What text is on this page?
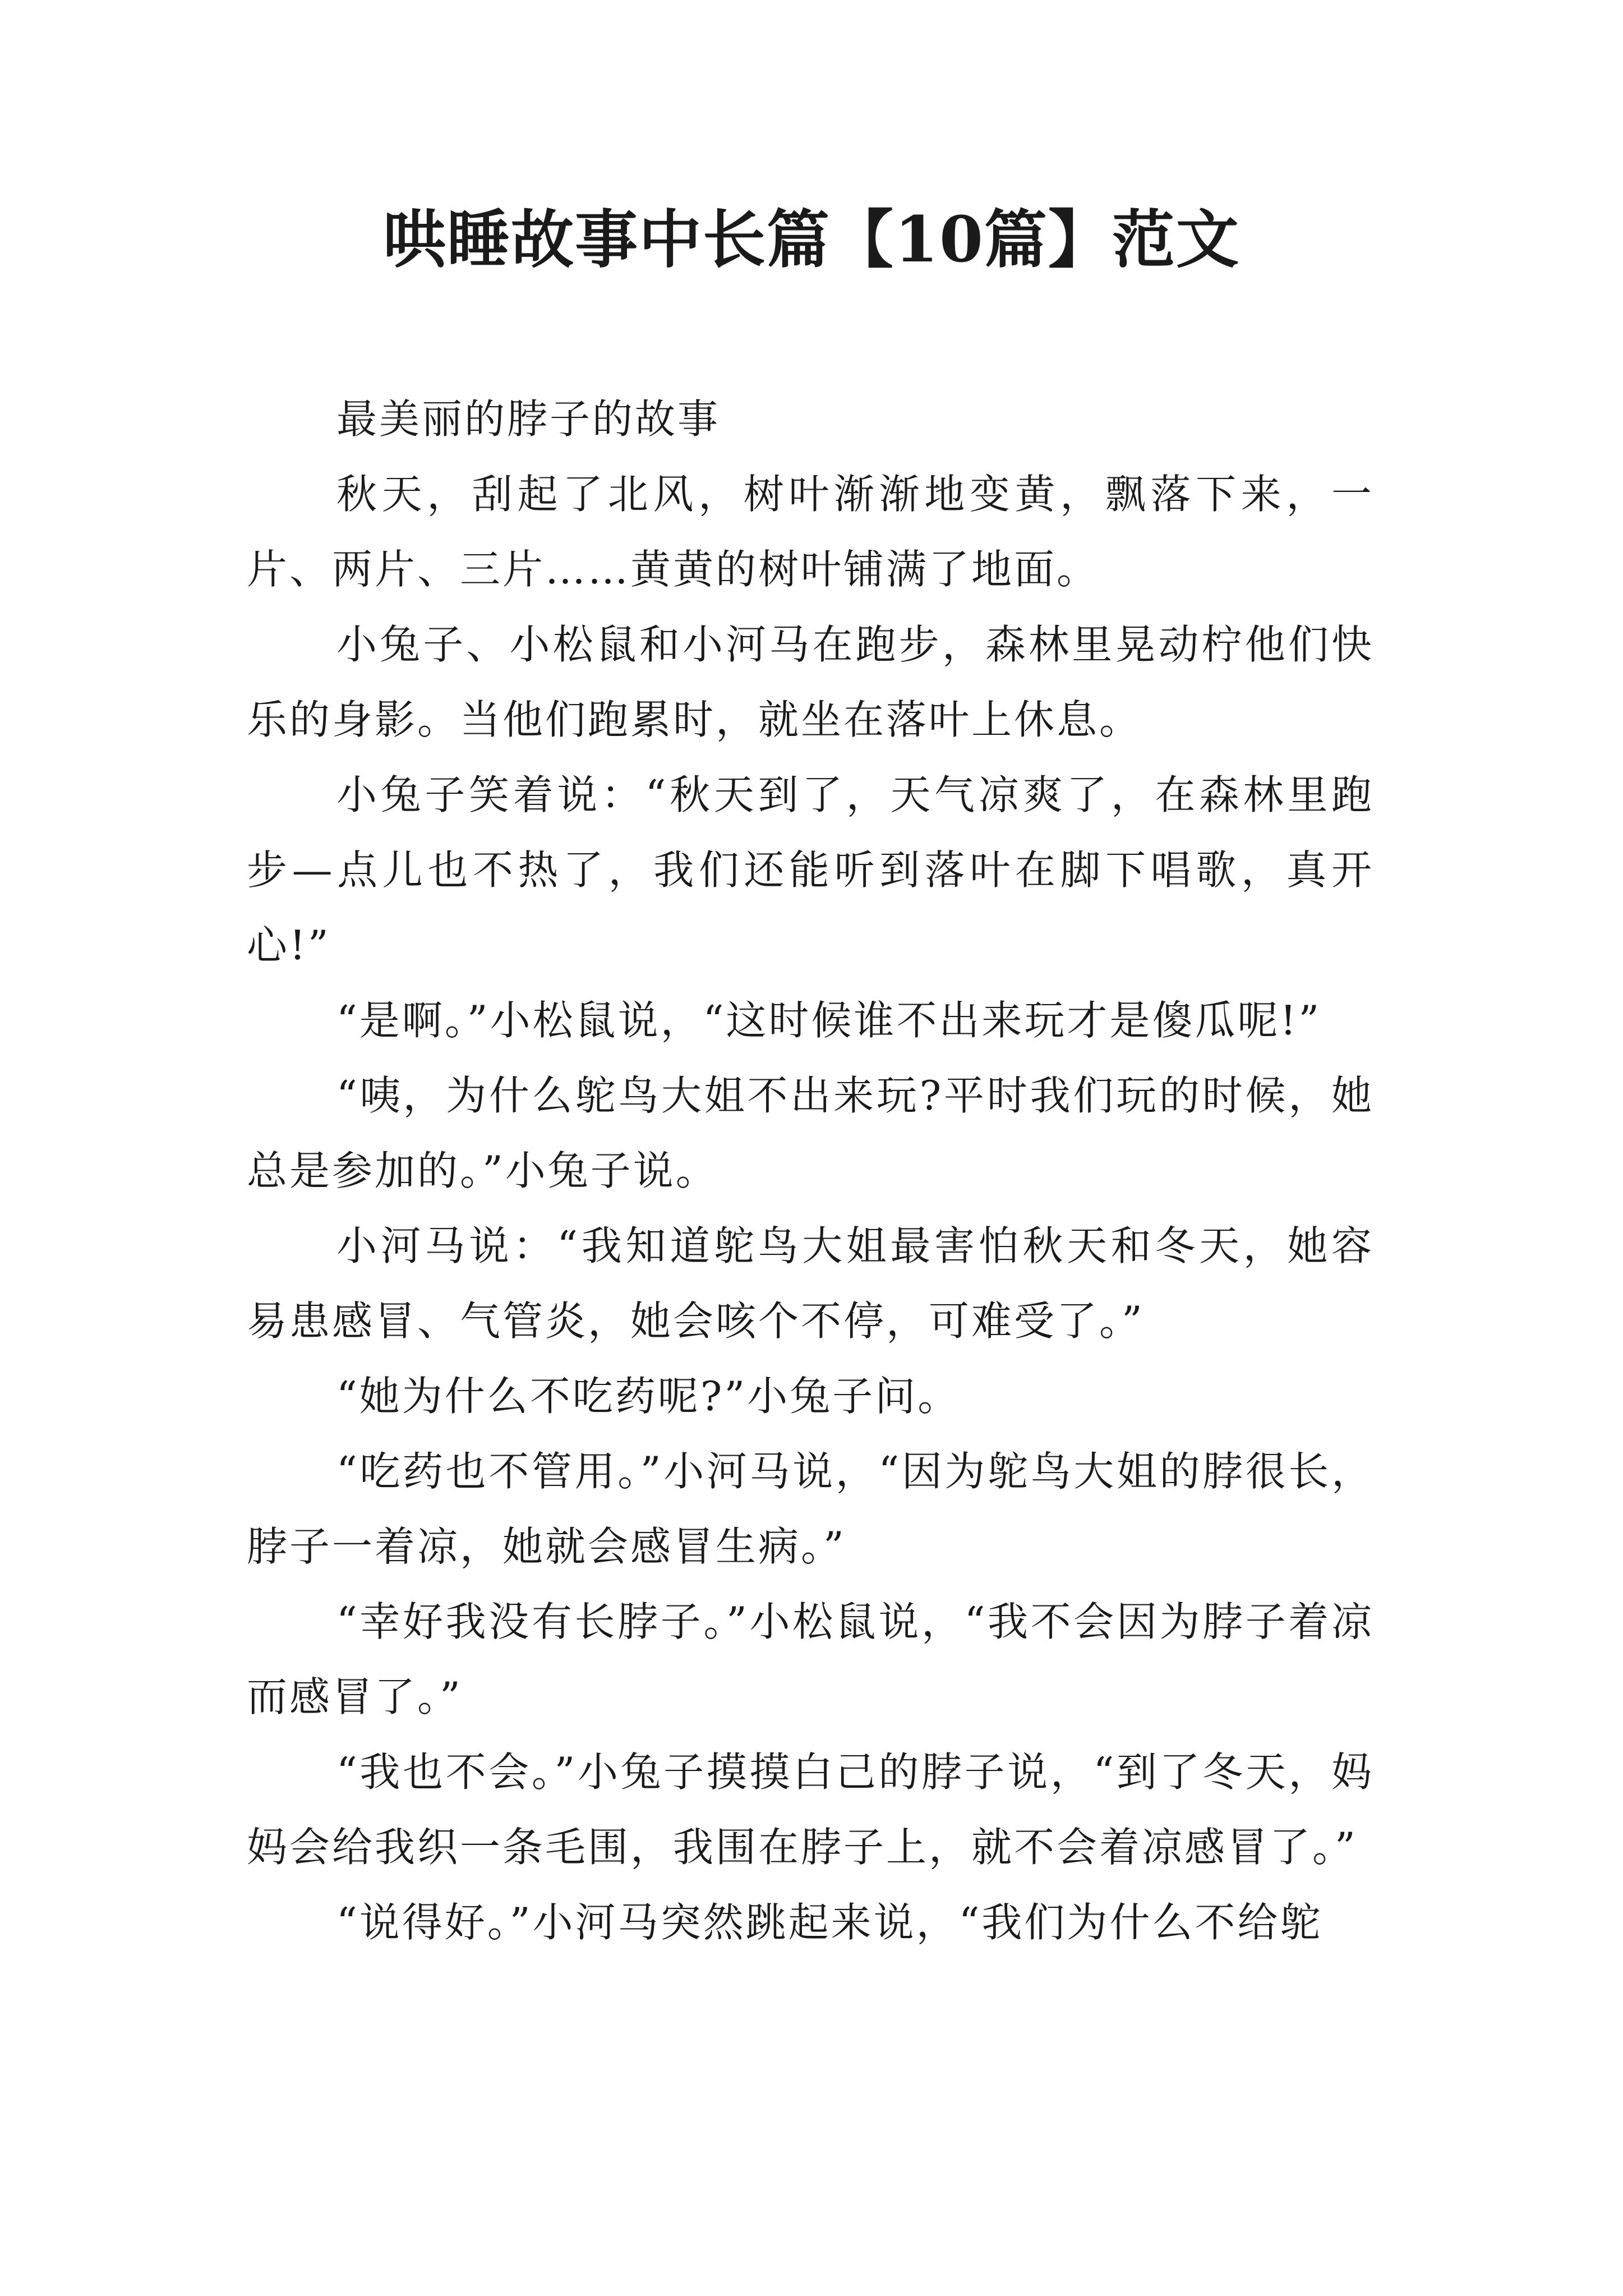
哄睡故事中长篇【10篇】范文

最美丽的脖子的故事

秋天，刮起了北风，树叶渐渐地变黄，飘落下来，一片、两片、三片……黄黄的树叶铺满了地面。

小兔子、小松鼠和小河马在跑步，森林里晃动柠他们快乐的身影。当他们跑累时，就坐在落叶上休息。

小兔子笑着说：“秋天到了，天气凉爽了，在森林里跑步—点儿也不热了，我们还能听到落叶在脚下唱歌，真开心!”

“是啊。”小松鼠说，“这时候谁不出来玩才是傻瓜呢!”

“咦，为什么鸵鸟大姐不出来玩?平时我们玩的时候，她总是参加的。”小兔子说。

小河马说：“我知道鸵鸟大姐最害怕秋天和冬天，她容易患感冒、气管炎，她会咳个不停，可难受了。”

“她为什么不吃药呢?”小兔子问。

“吃药也不管用。”小河马说，“因为鸵鸟大姐的脖很长，脖子一着凉，她就会感冒生病。”

“幸好我没有长脖子。”小松鼠说，“我不会因为脖子着凉而感冒了。”

“我也不会。”小兔子摸摸白己的脖子说，“到了冬天，妈妈会给我织一条毛围，我围在脖子上，就不会着凉感冒了。”

“说得好。”小河马突然跳起来说，“我们为什么不给鸵
